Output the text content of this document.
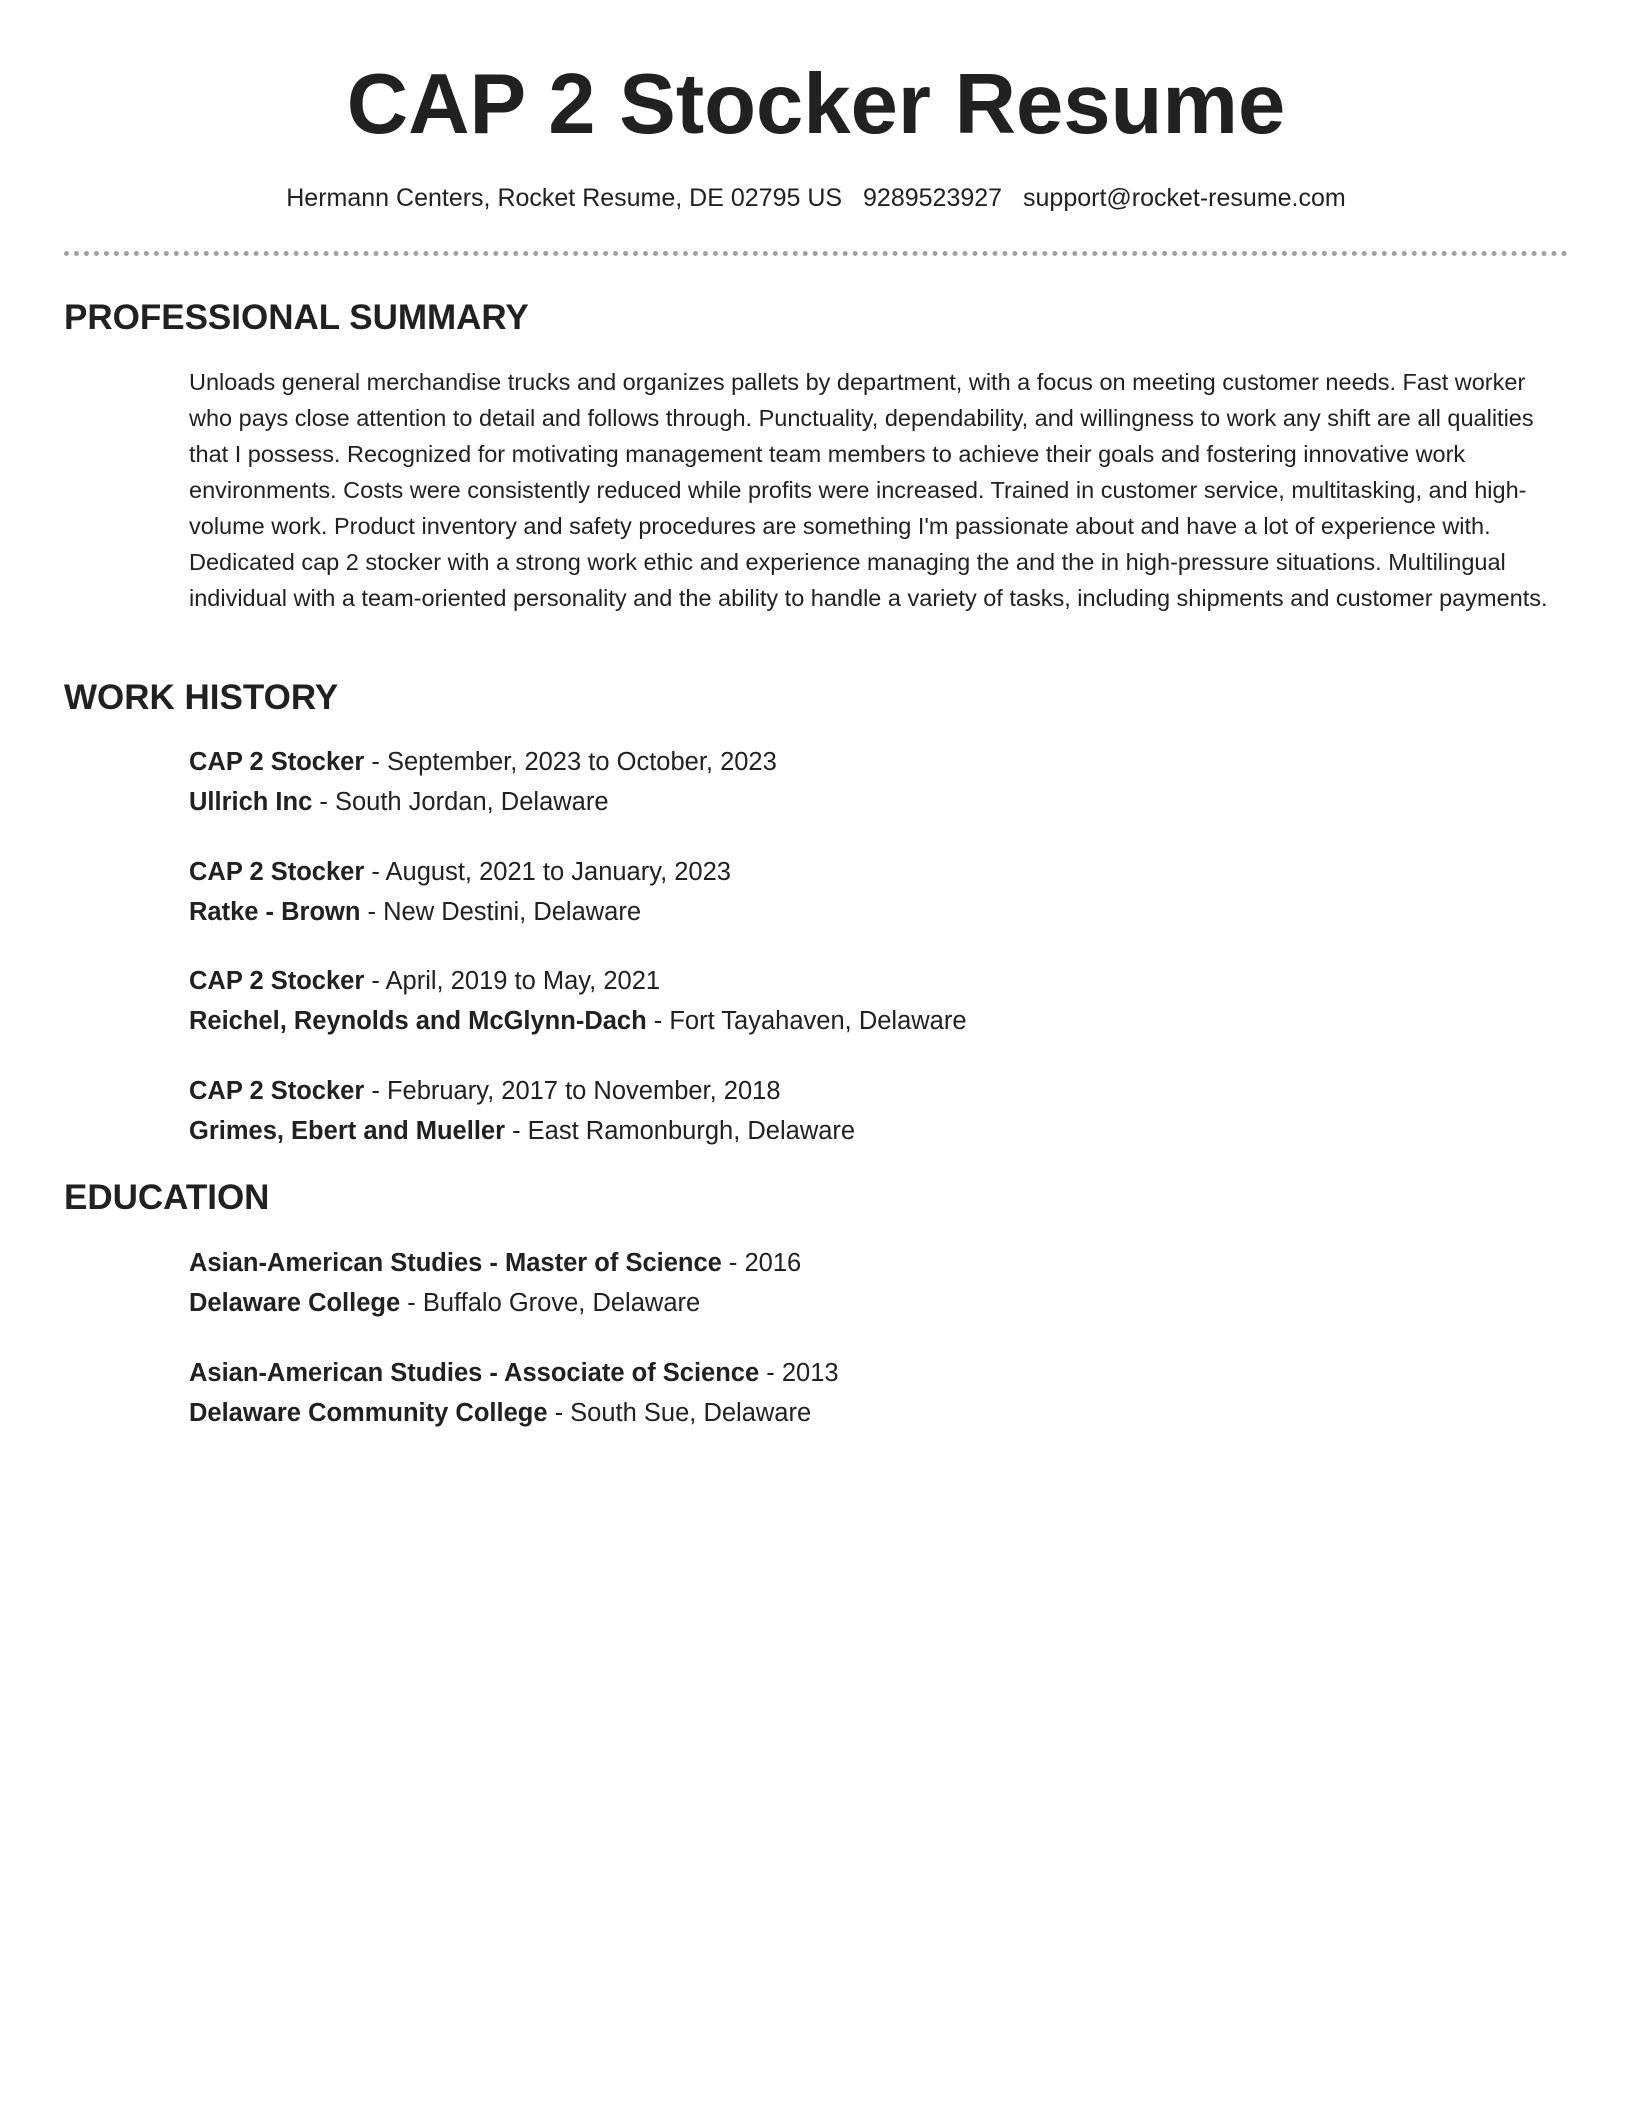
CAP 2 Stocker Resume
Hermann Centers, Rocket Resume, DE 02795 US 9289523927 support@rocket-resume.com
PROFESSIONAL SUMMARY

Unloads general merchandise trucks and organizes pallets by department, with a focus on meeting customer needs. Fast worker who pays close attention to detail and follows through. Punctuality, dependability, and willingness to work any shift are all qualities that I possess. Recognized for motivating management team members to achieve their goals and fostering innovative work environments. Costs were consistently reduced while profits were increased. Trained in customer service, multitasking, and high-volume work. Product inventory and safety procedures are something I'm passionate about and have a lot of experience with. Dedicated cap 2 stocker with a strong work ethic and experience managing the and the in high-pressure situations. Multilingual individual with a team-oriented personality and the ability to handle a variety of tasks, including shipments and customer payments.

WORK HISTORY
CAP 2 Stocker - September, 2023 to October, 2023
Ullrich Inc - South Jordan, Delaware
CAP 2 Stocker - August, 2021 to January, 2023
Ratke - Brown - New Destini, Delaware
CAP 2 Stocker - April, 2019 to May, 2021
Reichel, Reynolds and McGlynn-Dach - Fort Tayahaven, Delaware
CAP 2 Stocker - February, 2017 to November, 2018
Grimes, Ebert and Mueller - East Ramonburgh, Delaware
EDUCATION
Asian-American Studies - Master of Science - 2016
Delaware College - Buffalo Grove, Delaware
Asian-American Studies - Associate of Science - 2013
Delaware Community College - South Sue, Delaware
